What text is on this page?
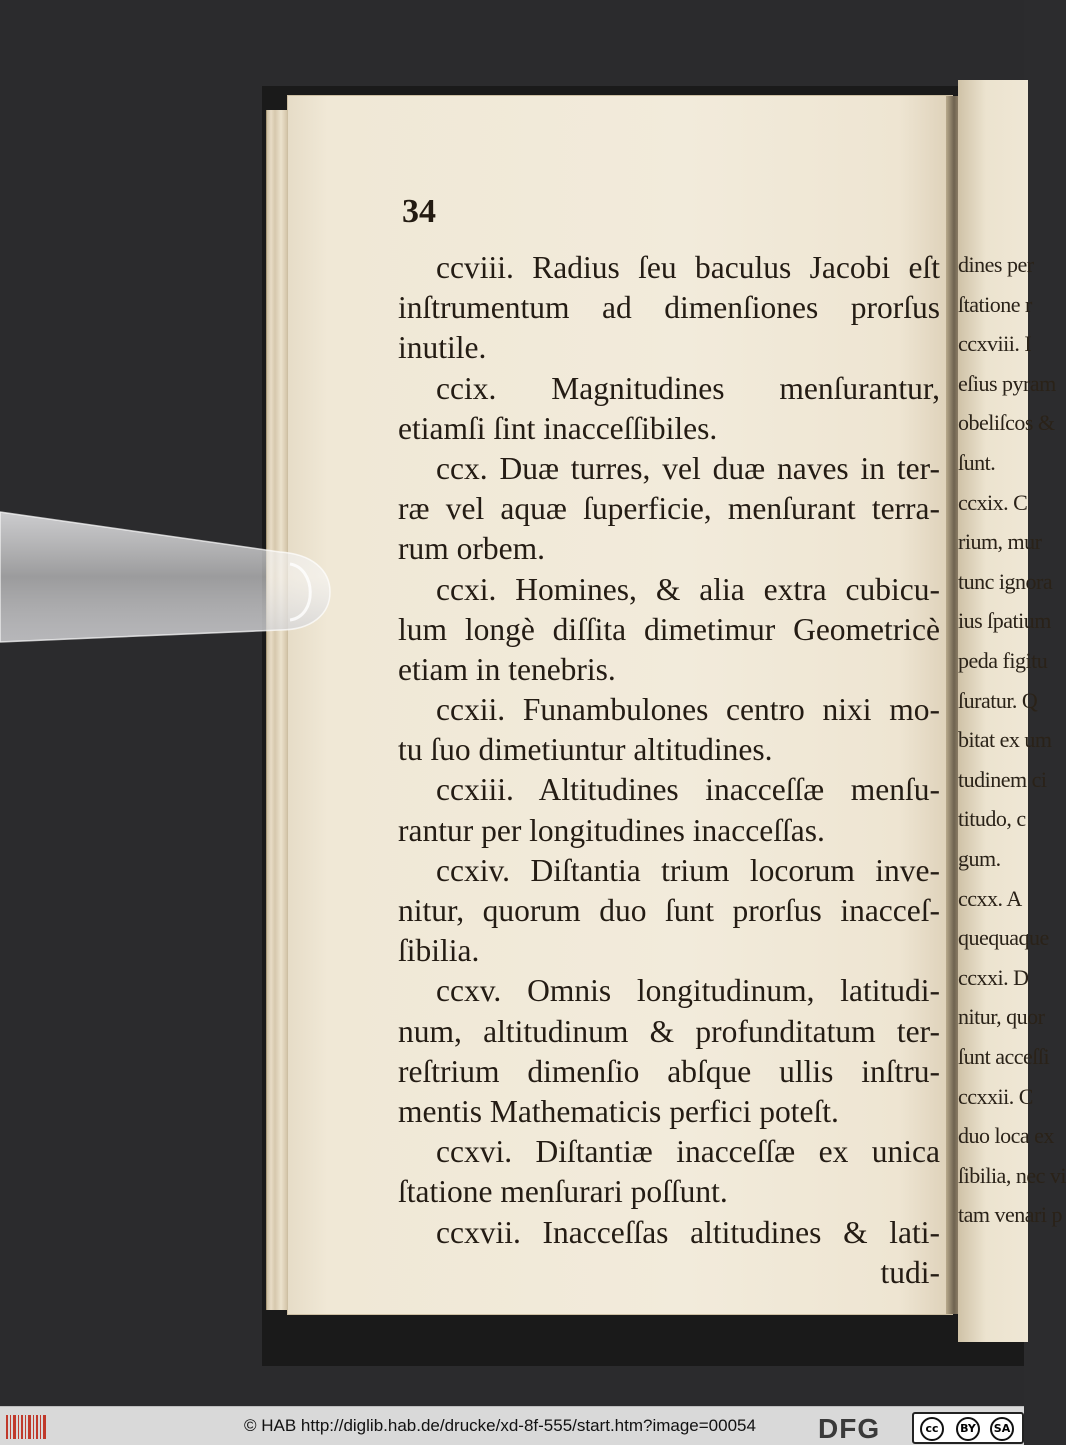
dines per
ſtatione r
ccxviii. I
eſius pyram
obeliſcos &
ſunt.
ccxix. C
rium, mur
tunc ignora
ius ſpatium
peda figitu
ſuratur. Q
bitat ex um
tudinem ci
titudo, c
gum.
ccxx. A
quequaque
ccxxi. D
nitur, quor
ſunt acceſſi
ccxxii. C
duo loca ex
ſibilia, nec vi
tam venari p
34
ccviii. Radius ſeu baculus Jacobi eſt
inſtrumentum ad dimenſiones prorſus
inutile.
ccix. Magnitudines menſurantur,
etiamſi ſint inacceſſibiles.
ccx. Duæ turres, vel duæ naves in ter-
ræ vel aquæ ſuperficie, menſurant terra-
rum orbem.
ccxi. Homines, & alia extra cubicu-
lum longè diſſita dimetimur Geometricè
etiam in tenebris.
ccxii. Funambulones centro nixi mo-
tu ſuo dimetiuntur altitudines.
ccxiii. Altitudines inacceſſæ menſu-
rantur per longitudines inacceſſas.
ccxiv. Diſtantia trium locorum inve-
nitur, quorum duo ſunt prorſus inacceſ-
ſibilia.
ccxv. Omnis longitudinum, latitudi-
num, altitudinum & profunditatum ter-
reſtrium dimenſio abſque ullis inſtru-
mentis Mathematicis perfici poteſt.
ccxvi. Diſtantiæ inacceſſæ ex unica
ſtatione menſurari poſſunt.
ccxvii. Inacceſſas altitudines & lati-
tudi-
© HAB http://diglib.hab.de/drucke/xd-8f-555/start.htm?image=00054 DFG	cc	BY	SA
